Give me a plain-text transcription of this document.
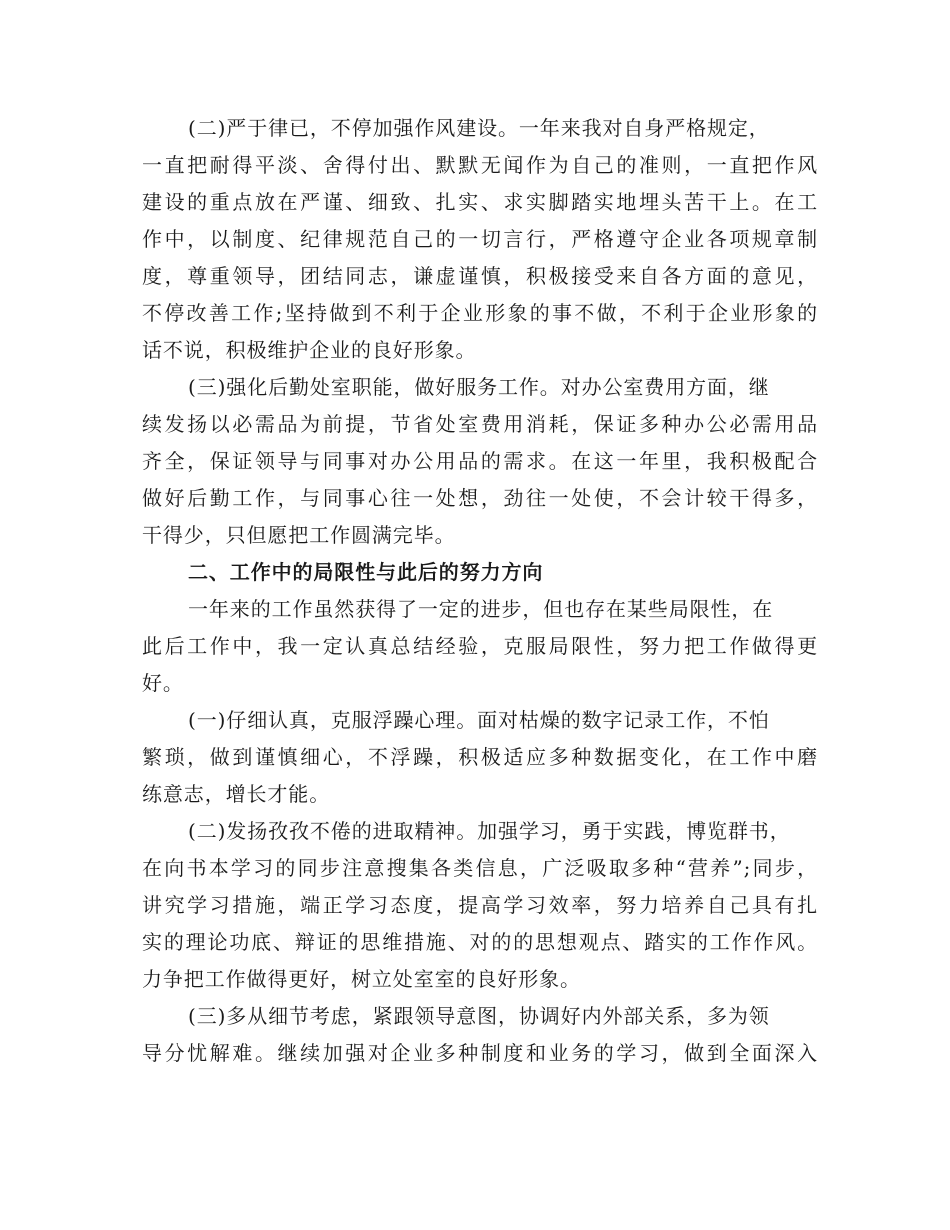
(二)严于律已，不停加强作风建设。一年来我对自身严格规定，
一直把耐得平淡、舍得付出、默默无闻作为自己的准则，一直把作风
建设的重点放在严谨、细致、扎实、求实脚踏实地埋头苦干上。在工
作中，以制度、纪律规范自己的一切言行，严格遵守企业各项规章制
度，尊重领导，团结同志，谦虚谨慎，积极接受来自各方面的意见，
不停改善工作;坚持做到不利于企业形象的事不做，不利于企业形象的
话不说，积极维护企业的良好形象。
(三)强化后勤处室职能，做好服务工作。对办公室费用方面，继
续发扬以必需品为前提，节省处室费用消耗，保证多种办公必需用品
齐全，保证领导与同事对办公用品的需求。在这一年里，我积极配合
做好后勤工作，与同事心往一处想，劲往一处使，不会计较干得多，
干得少，只但愿把工作圆满完毕。
二、工作中的局限性与此后的努力方向
一年来的工作虽然获得了一定的进步，但也存在某些局限性，在
此后工作中，我一定认真总结经验，克服局限性，努力把工作做得更
好。
(一)仔细认真，克服浮躁心理。面对枯燥的数字记录工作，不怕
繁琐，做到谨慎细心，不浮躁，积极适应多种数据变化，在工作中磨
练意志，增长才能。
(二)发扬孜孜不倦的进取精神。加强学习，勇于实践，博览群书，
在向书本学习的同步注意搜集各类信息，广泛吸取多种“营养”;同步，
讲究学习措施，端正学习态度，提高学习效率，努力培养自己具有扎
实的理论功底、辩证的思维措施、对的的思想观点、踏实的工作作风。
力争把工作做得更好，树立处室室的良好形象。
(三)多从细节考虑，紧跟领导意图，协调好内外部关系，多为领
导分忧解难。继续加强对企业多种制度和业务的学习，做到全面深入
